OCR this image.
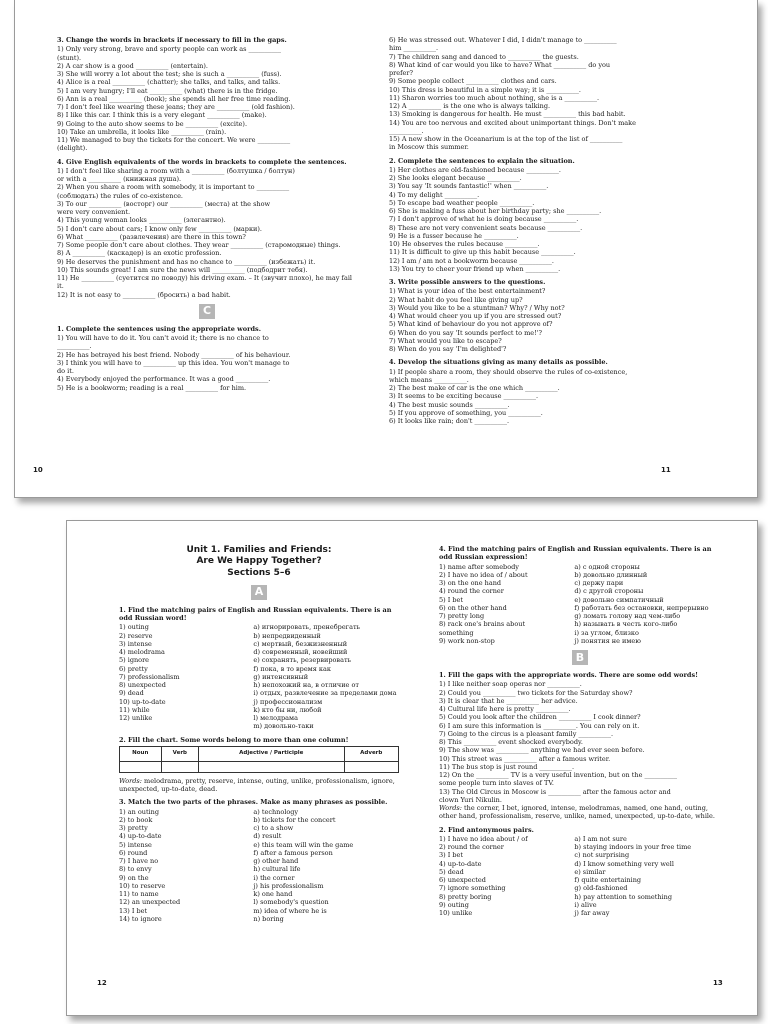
3. Change the words in brackets if necessary to fill in the gaps.
1) Only very strong, brave and sporty people can work as __________
(stunt).
2) A car show is a good __________ (entertain).
3) She will worry a lot about the test; she is such a __________ (fuss).
4) Alice is a real __________ (chatter); she talks, and talks, and talks.
5) I am very hungry; I'll eat __________ (what) there is in the fridge.
6) Ann is a real __________ (book); she spends all her free time reading.
7) I don't feel like wearing these jeans; they are __________ (old fashion).
8) I like this car. I think this is a very elegant __________ (make).
9) Going to the auto show seems to be __________ (excite).
10) Take an umbrella, it looks like __________ (rain).
11) We managed to buy the tickets for the concert. We were __________
(delight).
4. Give English equivalents of the words in brackets to complete the sentences.
1) I don't feel like sharing a room with a __________ (болтушка / болтун)
or with a __________ (книжная душа).
2) When you share a room with somebody, it is important to __________
(соблюдать) the rules of co-existence.
3) To our __________ (восторг) our __________ (места) at the show
were very convenient.
4) This young woman looks __________ (элегантно).
5) I don't care about cars; I know only few __________ (марки).
6) What __________ (развлечения) are there in this town?
7) Some people don't care about clothes. They wear __________ (старомодные) things.
8) A __________ (каскадер) is an exotic profession.
9) He deserves the punishment and has no chance to __________ (избежать) it.
10) This sounds great! I am sure the news will __________ (подбодрит тебя).
11) He __________ (суетится по поводу) his driving exam. – It (звучит плохо), he may fail it.
12) It is not easy to __________ (бросить) a bad habit.
C
1. Complete the sentences using the appropriate words.
1) You will have to do it. You can't avoid it; there is no chance to
__________.
2) He has betrayed his best friend. Nobody __________ of his behaviour.
3) I think you will have to __________ up this idea. You won't manage to
do it.
4) Everybody enjoyed the performance. It was a good __________.
5) He is a bookworm; reading is a real __________ for him.
10
6) He was stressed out. Whatever I did, I didn't manage to __________
him __________.
7) The children sang and danced to __________ the guests.
8) What kind of car would you like to have? What __________ do you
prefer?
9) Some people collect __________ clothes and cars.
10) This dress is beautiful in a simple way; it is __________.
11) Sharon worries too much about nothing, she is a __________.
12) A __________ is the one who is always talking.
13) Smoking is dangerous for health. He must __________ this bad habit.
14) You are too nervous and excited about unimportant things. Don't make
__________.
15) A new show in the Oceanarium is at the top of the list of __________
in Moscow this summer.
2. Complete the sentences to explain the situation.
1) Her clothes are old-fashioned because __________.
2) She looks elegant because __________.
3) You say 'It sounds fantastic!' when __________.
4) To my delight __________.
5) To escape bad weather people __________.
6) She is making a fuss about her birthday party; she __________.
7) I don't approve of what he is doing because __________.
8) These are not very convenient seats because __________.
9) He is a fusser because he __________.
10) He observes the rules because __________.
11) It is difficult to give up this habit because __________.
12) I am / am not a bookworm because __________.
13) You try to cheer your friend up when __________.
3. Write possible answers to the questions.
1) What is your idea of the best entertainment?
2) What habit do you feel like giving up?
3) Would you like to be a stuntman? Why? / Why not?
4) What would cheer you up if you are stressed out?
5) What kind of behaviour do you not approve of?
6) When do you say 'It sounds perfect to me!'?
7) What would you like to escape?
8) When do you say 'I'm delighted'?
4. Develop the situations giving as many details as possible.
1) If people share a room, they should observe the rules of co-existence,
which means __________.
2) The best make of car is the one which __________.
3) It seems to be exciting because __________.
4) The best music sounds __________.
5) If you approve of something, you __________.
6) It looks like rain; don't __________.
11
Unit 1. Families and Friends:
Are We Happy Together?
Sections 5–6
A
1. Find the matching pairs of English and Russian equivalents. There is an odd Russian word!
1) outing
2) reserve
3) intense
4) melodrama
5) ignore
6) pretty
7) professionalism
8) unexpected
9) dead
10) up-to-date
11) while
12) unlike
a) игнорировать, пренебрегать
b) непредвиденный
c) мертвый, безжизненный
d) современный, новейший
e) сохранять, резервировать
f) пока, в то время как
g) интенсивный
h) непохожий на, в отличие от
i) отдых, развлечение за пределами дома
j) профессионализм
k) кто бы ни, любой
l) мелодрама
m) довольно-таки
2. Fill the chart. Some words belong to more than one column!
Noun	Verb	Adjective / Participle	Adverb

Words: melodrama, pretty, reserve, intense, outing, unlike, professionalism, ignore, unexpected, up-to-date, dead.
3. Match the two parts of the phrases. Make as many phrases as possible.
1) an outing
2) to book
3) pretty
4) up-to-date
5) intense
6) round
7) I have no
8) to envy
9) on the
10) to reserve
11) to name
12) an unexpected
13) I bet
14) to ignore
a) technology
b) tickets for the concert
c) to a show
d) result
e) this team will win the game
f) after a famous person
g) other hand
h) cultural life
i) the corner
j) his professionalism
k) one hand
l) somebody's question
m) idea of where he is
n) boring
12
4. Find the matching pairs of English and Russian equivalents. There is an odd Russian expression!
1) name after somebody
2) I have no idea of / about
3) on the one hand
4) round the corner
5) I bet
6) on the other hand
7) pretty long
8) rack one's brains about
something
9) work non-stop
a) с одной стороны
b) довольно длинный
c) держу пари
d) с другой стороны
e) довольно симпатичный
f) работать без остановки, непрерывно
g) ломать голову над чем-либо
h) называть в честь кого-либо
i) за углом, близко
j) понятия не имею
B
1. Fill the gaps with the appropriate words. There are some odd words!
1) I like neither soap operas nor __________.
2) Could you __________ two tickets for the Saturday show?
3) It is clear that he __________ her advice.
4) Cultural life here is pretty __________.
5) Could you look after the children __________ I cook dinner?
6) I am sure this information is __________. You can rely on it.
7) Going to the circus is a pleasant family __________.
8) This __________ event shocked everybody.
9) The show was __________ anything we had ever seen before.
10) This street was __________ after a famous writer.
11) The bus stop is just round __________.
12) On the __________ TV is a very useful invention, but on the __________
some people turn into slaves of TV.
13) The Old Circus in Moscow is __________ after the famous actor and
clown Yuri Nikulin.
Words: the corner, I bet, ignored, intense, melodramas, named, one hand, outing, other hand, professionalism, reserve, unlike, named, unexpected, up-to-date, while.
2. Find antonymous pairs.
1) I have no idea about / of
2) round the corner
3) I bet
4) up-to-date
5) dead
6) unexpected
7) ignore something
8) pretty boring
9) outing
10) unlike
a) I am not sure
b) staying indoors in your free time
c) not surprising
d) I know something very well
e) similar
f) quite entertaining
g) old-fashioned
h) pay attention to something
i) alive
j) far away
13
